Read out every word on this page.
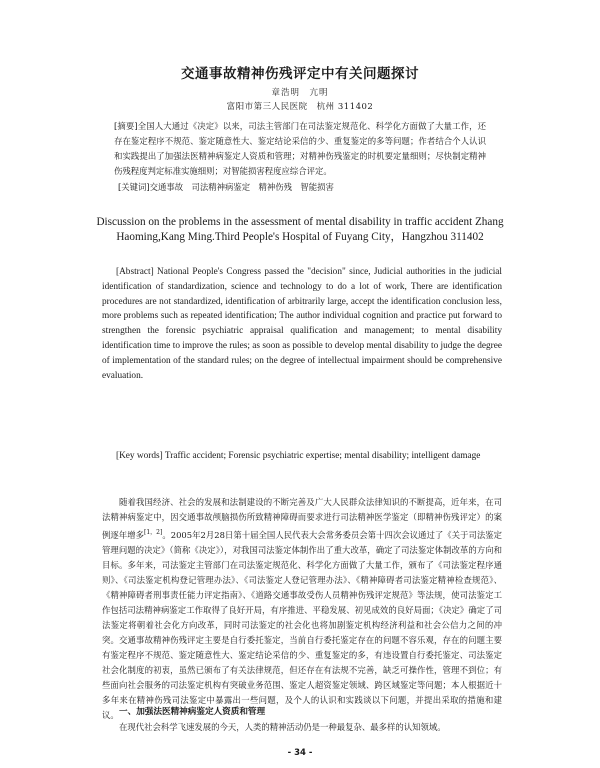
交通事故精神伤残评定中有关问题探讨
章浩明　亢明
富阳市第三人民医院　杭州 311402
[摘要]全国人大通过《决定》以来，司法主管部门在司法鉴定规范化、科学化方面做了大量工作，还存在鉴定程序不规范、鉴定随意性大、鉴定结论采信的少、重复鉴定的多等问题；作者结合个人认识和实践提出了加强法医精神病鉴定人资质和管理；对精神伤残鉴定的时机要定量细则；尽快制定精神伤残程度判定标准实施细则；对智能损害程度应综合评定。
[关键词]交通事故　司法精神病鉴定　精神伤残　智能损害
Discussion on the problems in the assessment of mental disability in traffic accident Zhang Haoming,Kang Ming.Third People's Hospital of Fuyang City，Hangzhou 311402
[Abstract] National People's Congress passed the "decision" since, Judicial authorities in the judicial identification of standardization, science and technology to do a lot of work, There are identification procedures are not standardized, identification of arbitrarily large, accept the identification conclusion less, more problems such as repeated identification; The author individual cognition and practice put forward to strengthen the forensic psychiatric appraisal qualification and management; to mental disability identification time to improve the rules; as soon as possible to develop mental disability to judge the degree of implementation of the standard rules; on the degree of intellectual impairment should be comprehensive evaluation.
[Key words] Traffic accident; Forensic psychiatric expertise; mental disability; intelligent damage
随着我国经济、社会的发展和法制建设的不断完善及广大人民群众法律知识的不断提高，近年来，在司法精神病鉴定中，因交通事故颅脑损伤所致精神障碍而要求进行司法精神医学鉴定（即精神伤残评定）的案例逐年增多[1，2]。2005年2月28日第十届全国人民代表大会常务委员会第十四次会议通过了《关于司法鉴定管理问题的决定》（简称《决定》），对我国司法鉴定体制作出了重大改革，确定了司法鉴定体制改革的方向和目标。多年来，司法鉴定主管部门在司法鉴定规范化、科学化方面做了大量工作，颁布了《司法鉴定程序通则》、《司法鉴定机构登记管理办法》、《司法鉴定人登记管理办法》、《精神障碍者司法鉴定精神检查规范》、《精神障碍者刑事责任能力评定指南》、《道路交通事故受伤人员精神伤残评定规范》等法规，使司法鉴定工作包括司法精神病鉴定工作取得了良好开局，有序推进、平稳发展、初见成效的良好局面；《决定》确定了司法鉴定将朝着社会化方向改革，同时司法鉴定的社会化也将加剧鉴定机构经济利益和社会公信力之间的冲突。交通事故精神伤残评定主要是自行委托鉴定，当前自行委托鉴定存在的问题不容乐观，存在的问题主要有鉴定程序不规范、鉴定随意性大、鉴定结论采信的少、重复鉴定的多，有违设置自行委托鉴定、司法鉴定社会化制度的初衷，虽然已颁布了有关法律规范，但还存在有法规不完善，缺乏可操作性，管理不到位；有些面向社会服务的司法鉴定机构有突破业务范围、鉴定人超资鉴定领域、跨区域鉴定等问题；本人根据近十多年来在精神伤残司法鉴定中暴露出一些问题，及个人的认识和实践谈以下问题，并提出采取的措施和建议。 一、加强法医精神病鉴定人资质和管理
在现代社会科学飞速发展的今天，人类的精神活动仍是一种最复杂、最多样的认知领域。
- 34 -
